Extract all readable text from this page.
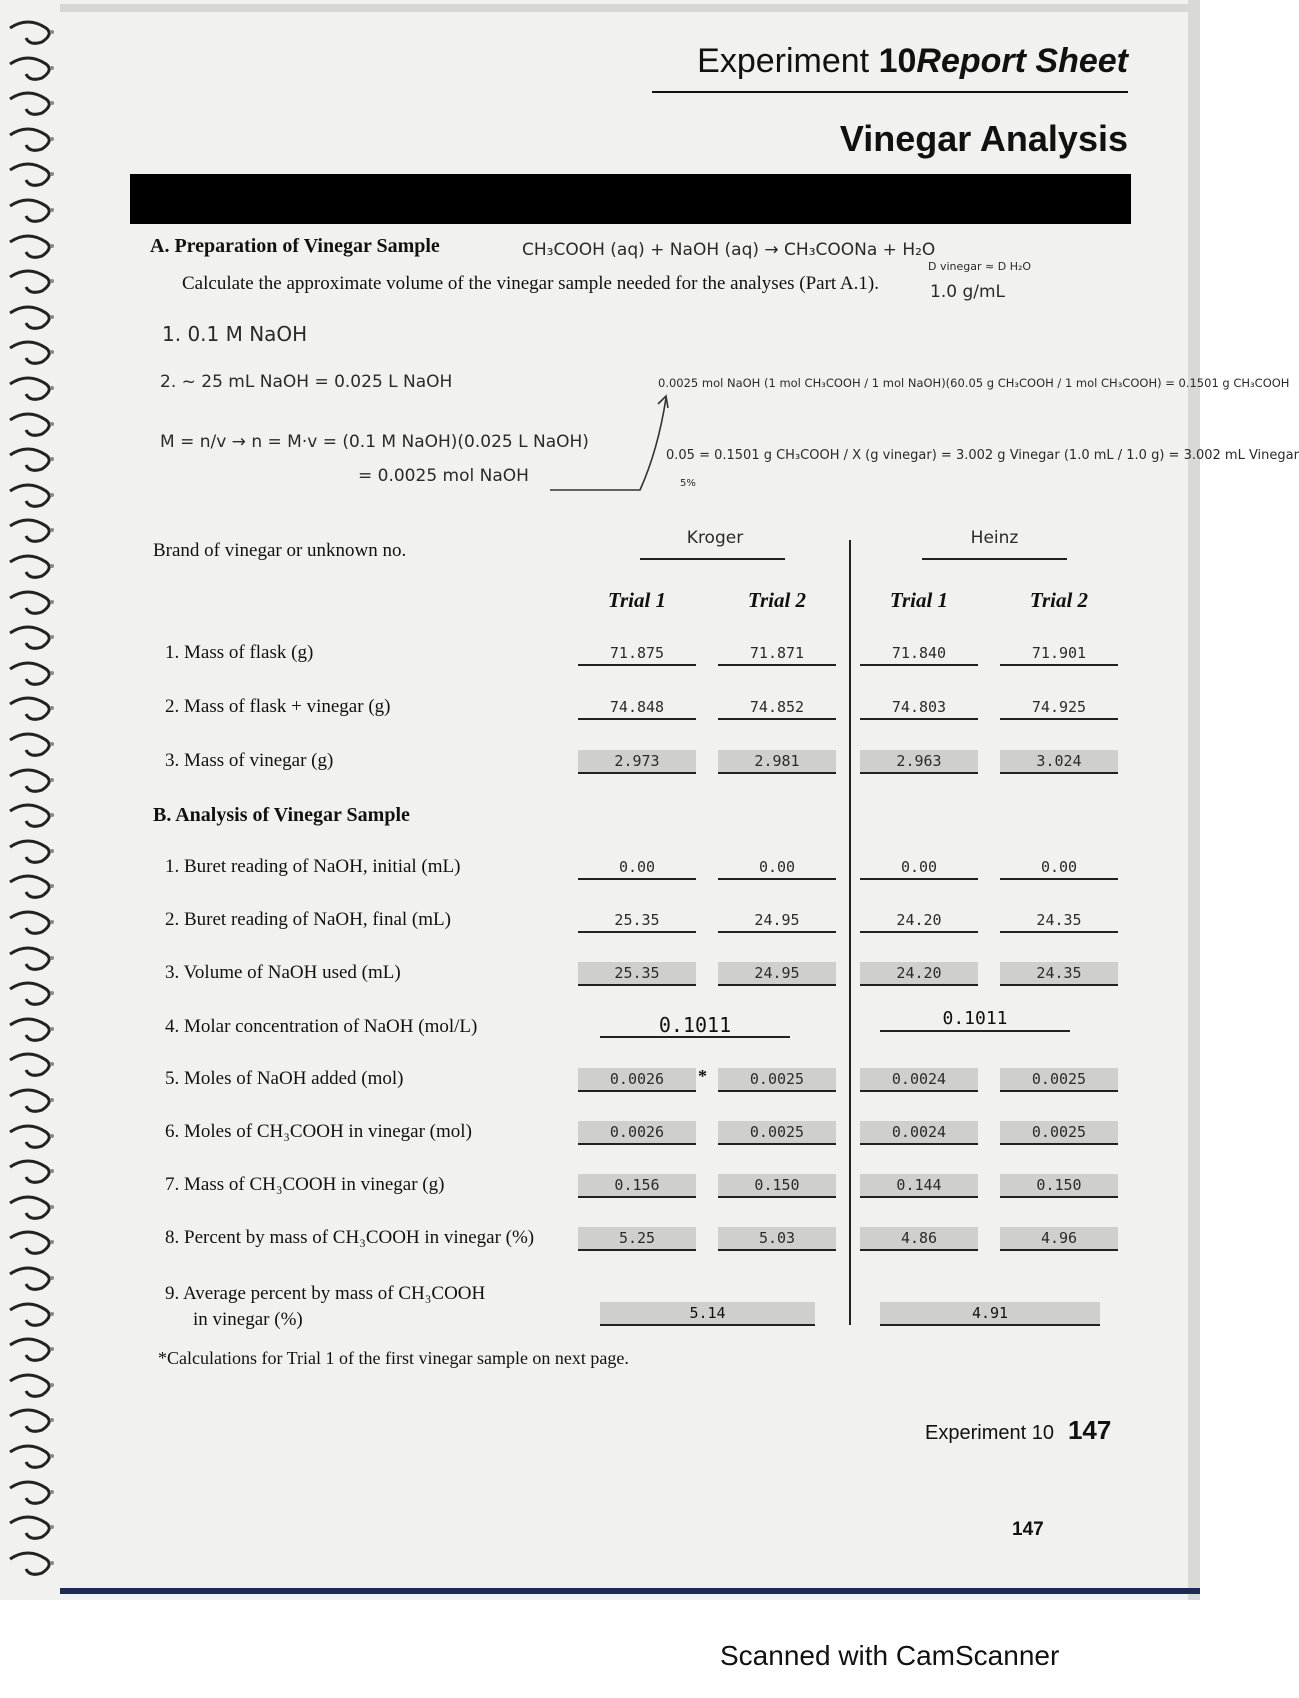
Experiment 10Report Sheet
Vinegar Analysis
A. Preparation of Vinegar Sample
Calculate the approximate volume of the vinegar sample needed for the analyses (Part A.1).
CH₃COOH (aq) + NaOH (aq) → CH₃COONa + H₂O
D vinegar ≈ D H₂O
1.0 g/mL
1. 0.1 M NaOH
2. ~ 25 mL NaOH = 0.025 L NaOH
M = n/v → n = M·v = (0.1 M NaOH)(0.025 L NaOH)
= 0.0025 mol NaOH
0.0025 mol NaOH (1 mol CH₃COOH / 1 mol NaOH)(60.05 g CH₃COOH / 1 mol CH₃COOH) = 0.1501 g CH₃COOH
0.05 = 0.1501 g CH₃COOH / X (g vinegar) = 3.002 g Vinegar (1.0 mL / 1.0 g) = 3.002 mL Vinegar
5%
Brand of vinegar or unknown no.
Kroger	Heinz
Trial 1	Trial 2	Trial 1	Trial 2
1. Mass of flask (g)	71.875	71.871	71.840	71.901
2. Mass of flask + vinegar (g)	74.848	74.852	74.803	74.925
3. Mass of vinegar (g)	2.973	2.981	2.963	3.024
B. Analysis of Vinegar Sample
1. Buret reading of NaOH, initial (mL)	0.00	0.00	0.00	0.00
2. Buret reading of NaOH, final (mL)	25.35	24.95	24.20	24.35
3. Volume of NaOH used (mL)	25.35	24.95	24.20	24.35
4. Molar concentration of NaOH (mol/L)	0.1011	0.1011
5. Moles of NaOH added (mol)	0.0026	0.0025	0.0024	0.0025
6. Moles of CH₃COOH in vinegar (mol)	0.0026	0.0025	0.0024	0.0025
7. Mass of CH₃COOH in vinegar (g)	0.156	0.150	0.144	0.150
8. Percent by mass of CH₃COOH in vinegar (%)	5.25	5.03	4.86	4.96
*
9. Average percent by mass of CH₃COOH
in vinegar (%)	5.14	4.91
*Calculations for Trial 1 of the first vinegar sample on next page.
Experiment 10 147
147
Scanned with CamScanner
